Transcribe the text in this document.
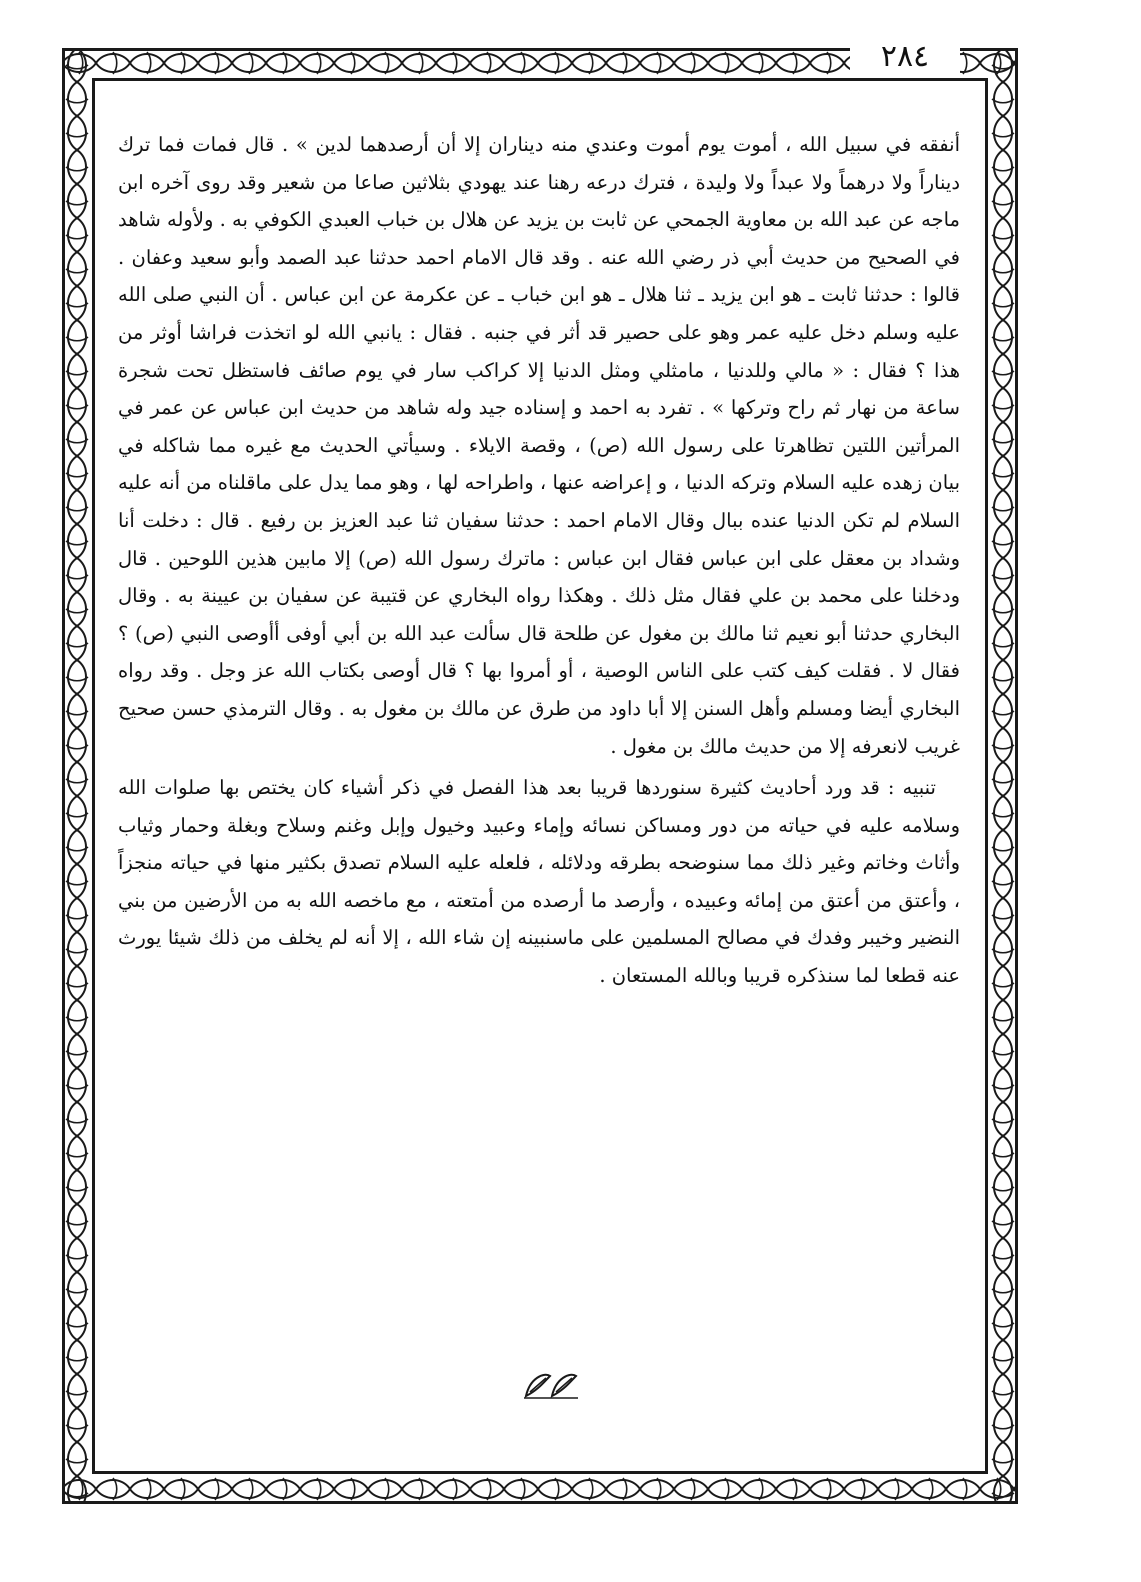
٢٨٤

أنفقه في سبيل الله ، أموت يوم أموت وعندي منه ديناران إلا أن أرصدهما لدين » . قال فمات فما ترك ديناراً ولا درهماً ولا عبداً ولا وليدة ، فترك درعه رهنا عند يهودي بثلاثين صاعا من شعير وقد روى آخره ابن ماجه عن عبد الله بن معاوية الجمحي عن ثابت بن يزيد عن هلال بن خباب العبدي الكوفي به . ولأوله شاهد في الصحيح من حديث أبي ذر رضي الله عنه . وقد قال الامام احمد حدثنا عبد الصمد وأبو سعيد وعفان . قالوا : حدثنا ثابت ـ هو ابن يزيد ـ ثنا هلال ـ هو ابن خباب ـ عن عكرمة عن ابن عباس . أن النبي صلى الله عليه وسلم دخل عليه عمر وهو على حصير قد أثر في جنبه . فقال : يانبي الله لو اتخذت فراشا أوثر من هذا ؟ فقال : « مالي وللدنيا ، مامثلي ومثل الدنيا إلا كراكب سار في يوم صائف فاستظل تحت شجرة ساعة من نهار ثم راح وتركها » . تفرد به احمد و إسناده جيد وله شاهد من حديث ابن عباس عن عمر في المرأتين اللتين تظاهرتا على رسول الله (ص) ، وقصة الايلاء . وسيأتي الحديث مع غيره مما شاكله في بيان زهده عليه السلام وتركه الدنيا ، و إعراضه عنها ، واطراحه لها ، وهو مما يدل على ماقلناه من أنه عليه السلام لم تكن الدنيا عنده ببال وقال الامام احمد : حدثنا سفيان ثنا عبد العزيز بن رفيع . قال : دخلت أنا وشداد بن معقل على ابن عباس فقال ابن عباس : ماترك رسول الله (ص) إلا مابين هذين اللوحين . قال ودخلنا على محمد بن علي فقال مثل ذلك . وهكذا رواه البخاري عن قتيبة عن سفيان بن عيينة به . وقال البخاري حدثنا أبو نعيم ثنا مالك بن مغول عن طلحة قال سألت عبد الله بن أبي أوفى أأوصى النبي (ص) ؟ فقال لا . فقلت كيف كتب على الناس الوصية ، أو أمروا بها ؟ قال أوصى بكتاب الله عز وجل . وقد رواه البخاري أيضا ومسلم وأهل السنن إلا أبا داود من طرق عن مالك بن مغول به . وقال الترمذي حسن صحيح غريب لانعرفه إلا من حديث مالك بن مغول .

تنبيه : قد ورد أحاديث كثيرة سنوردها قريبا بعد هذا الفصل في ذكر أشياء كان يختص بها صلوات الله وسلامه عليه في حياته من دور ومساكن نسائه وإماء وعبيد وخيول وإبل وغنم وسلاح وبغلة وحمار وثياب وأثاث وخاتم وغير ذلك مما سنوضحه بطرقه ودلائله ، فلعله عليه السلام تصدق بكثير منها في حياته منجزاً ، وأعتق من أعتق من إمائه وعبيده ، وأرصد ما أرصده من أمتعته ، مع ماخصه الله به من الأرضين من بني النضير وخيبر وفدك في مصالح المسلمين على ماسنبينه إن شاء الله ، إلا أنه لم يخلف من ذلك شيئا يورث عنه قطعا لما سنذكره قريبا وبالله المستعان .
